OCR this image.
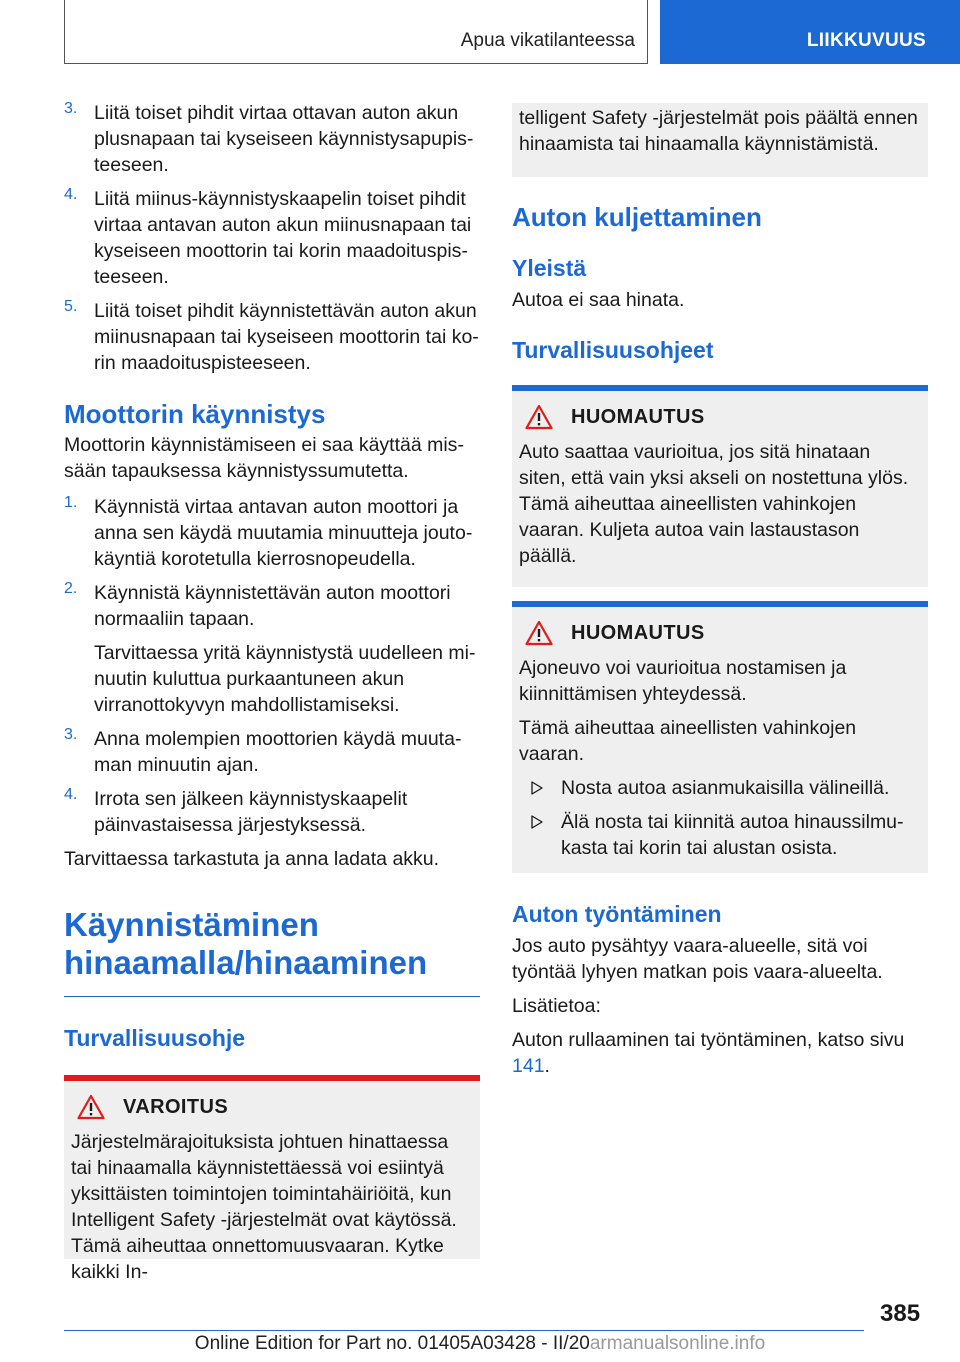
Apua vikatilanteessa	LIIKKUVUUS
3. Liitä toiset pihdit virtaa ottavan auton akun plusnapaan tai kyseiseen käynnistysapupisteeseen.

4. Liitä miinus-käynnistyskaapelin toiset pihdit virtaa antavan auton akun miinusnapaan tai kyseiseen moottorin tai korin maadoituspisteeseen.

5. Liitä toiset pihdit käynnistettävän auton akun miinusnapaan tai kyseiseen moottorin tai korin maadoituspisteeseen.

Moottorin käynnistys

Moottorin käynnistämiseen ei saa käyttää missään tapauksessa käynnistyssumutetta.

1. Käynnistä virtaa antavan auton moottori ja anna sen käydä muutamia minuutteja joutokäyntiä korotetulla kierrosnopeudella.

2. Käynnistä käynnistettävän auton moottori normaaliin tapaan.

Tarvittaessa yritä käynnistystä uudelleen minuutin kuluttua purkaantuneen akun virranottokyvyn mahdollistamiseksi.

3. Anna molempien moottorien käydä muutaman minuutin ajan.

4. Irrota sen jälkeen käynnistyskaapelit päinvastaisessa järjestyksessä.

Tarvittaessa tarkastuta ja anna ladata akku.

Käynnistäminen
hinaamalla/hinaaminen
Turvallisuusohje
VAROITUS

Järjestelmärajoituksista johtuen hinattaessa tai hinaamalla käynnistettäessä voi esiintyä yksittäisten toimintojen toimintahäiriöitä, kun Intelligent Safety -järjestelmät ovat käytössä. Tämä aiheuttaa onnettomuusvaaran. Kytke kaikki In-

telligent Safety -järjestelmät pois päältä ennen hinaamista tai hinaamalla käynnistämistä.

Auton kuljettaminen
Yleistä

Autoa ei saa hinata.

Turvallisuusohjeet
HUOMAUTUS

Auto saattaa vaurioitua, jos sitä hinataan siten, että vain yksi akseli on nostettuna ylös. Tämä aiheuttaa aineellisten vahinkojen vaaran. Kuljeta autoa vain lastaustason päällä.

HUOMAUTUS

Ajoneuvo voi vaurioitua nostamisen ja kiinnittämisen yhteydessä.

Tämä aiheuttaa aineellisten vahinkojen vaaran.

Nosta autoa asianmukaisilla välineillä.

Älä nosta tai kiinnitä autoa hinaussilmukasta tai korin tai alustan osista.

Auton työntäminen

Jos auto pysähtyy vaara-alueelle, sitä voi työntää lyhyen matkan pois vaara-alueelta.

Lisätietoa:

Auton rullaaminen tai työntäminen, katso sivu 141.

385
Online Edition for Part no. 01405A03428 - II/20armanualsonline.info
